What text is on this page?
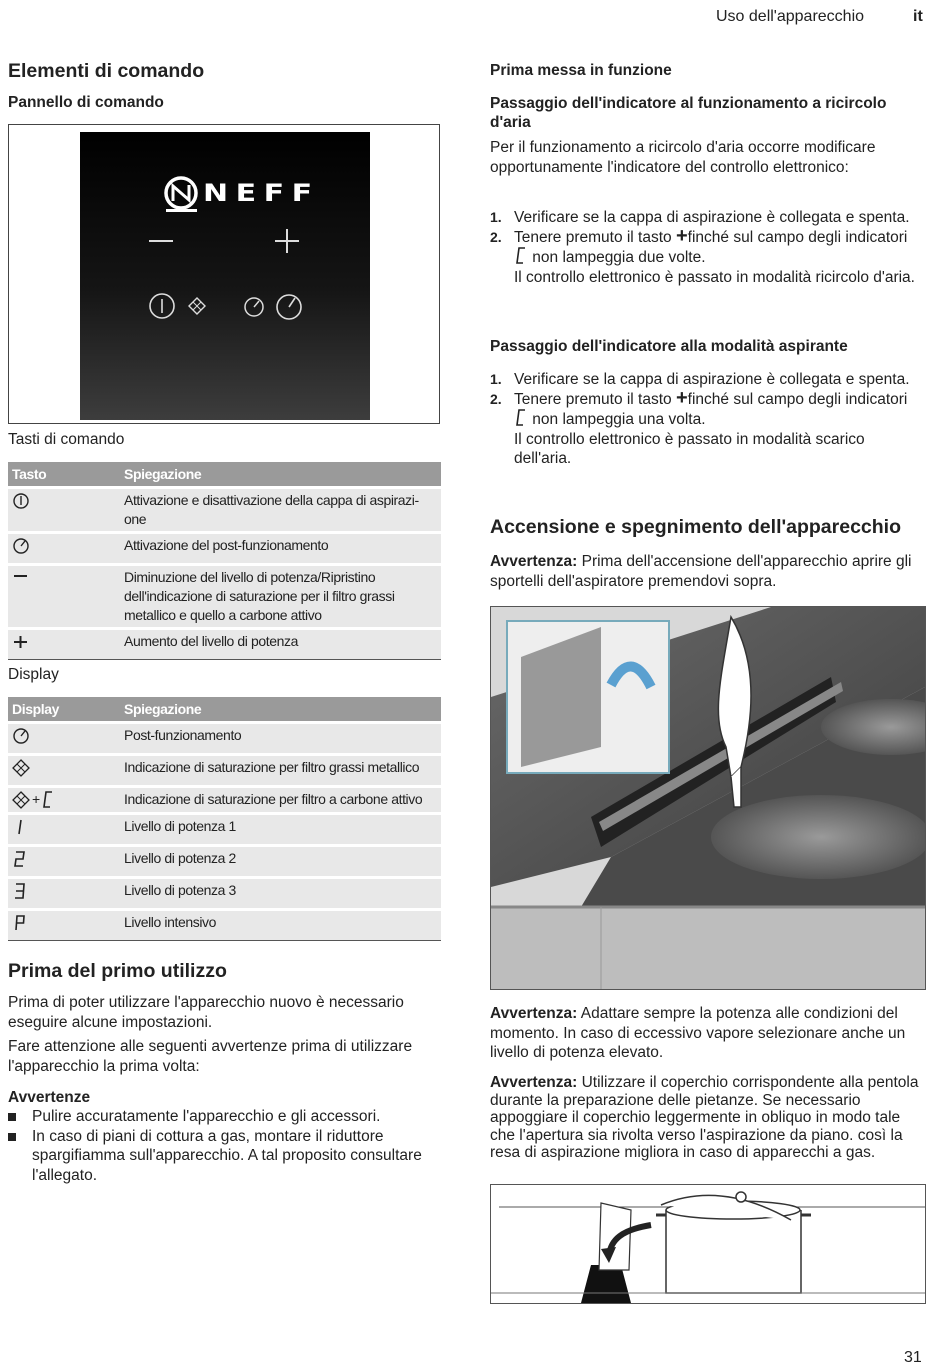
Uso dell'apparecchio	it
Elementi di comando
Pannello di comando
NEFF
Tasti di comando
Tasto	Spiegazione
	Attivazione e disattivazione della cappa di aspirazi-
one
	Attivazione del post-funzionamento
	Diminuzione del livello di potenza/Ripristino dell'indicazione di saturazione per il filtro grassi metallico e quello a carbone attivo
	Aumento del livello di potenza
Display
Display	Spiegazione
	Post-funzionamento
	Indicazione di saturazione per filtro grassi metallico
+	Indicazione di saturazione per filtro a carbone attivo
	Livello di potenza 1
	Livello di potenza 2
	Livello di potenza 3
	Livello intensivo
Prima del primo utilizzo
Prima di poter utilizzare l'apparecchio nuovo è necessario eseguire alcune impostazioni.
Fare attenzione alle seguenti avvertenze prima di utilizzare l'apparecchio la prima volta:
Avvertenze
Pulire accuratamente l'apparecchio e gli accessori.
In caso di piani di cottura a gas, montare il riduttore spargifiamma sull'apparecchio. A tal proposito consultare l'allegato.
Prima messa in funzione
Passaggio dell'indicatore al funzionamento a ricircolo d'aria
Per il funzionamento a ricircolo d'aria occorre modificare opportunamente l'indicatore del controllo elettronico:
1. Verificare se la cappa di aspirazione è collegata e spenta.
2. Tenere premuto il tasto +finché sul campo degli indicatori  non lampeggia due volte.
Il controllo elettronico è passato in modalità ricircolo d'aria.
Passaggio dell'indicatore alla modalità aspirante
1. Verificare se la cappa di aspirazione è collegata e spenta.
2. Tenere premuto il tasto +finché sul campo degli indicatori  non lampeggia una volta.
Il controllo elettronico è passato in modalità scarico dell'aria.
Accensione e spegnimento dell'apparecchio
Avvertenza: Prima dell'accensione dell'apparecchio aprire gli sportelli dell'aspiratore premendovi sopra.
Avvertenza: Adattare sempre la potenza alle condizioni del momento. In caso di eccessivo vapore selezionare anche un livello di potenza elevato.
Avvertenza: Utilizzare il coperchio corrispondente alla pentola durante la preparazione delle pietanze. Se necessario appoggiare il coperchio leggermente in obliquo in modo tale che l'apertura sia rivolta verso l'aspirazione da piano. così la resa di aspirazione migliora in caso di apparecchi a gas.
31
